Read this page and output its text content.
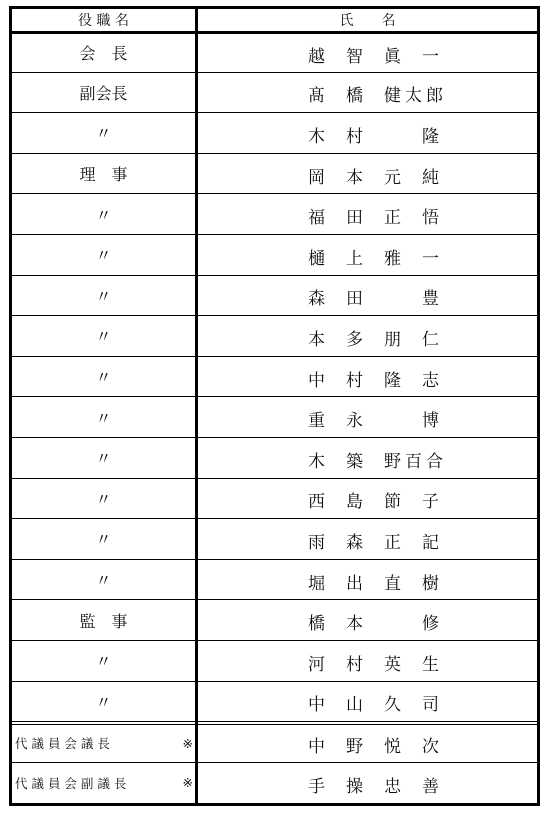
役 職 名	氏　　名
会　長	越 智 眞 一
副会長	髙 橋 健太郎
〃	木 村	隆
理　事	岡 本 元 純
〃	福 田 正 悟
〃	樋 上 雅 一
〃	森 田	豊
〃	本 多 朋 仁
〃	中 村 隆 志
〃	重 永	博
〃	木 築 野百合
〃	西 島 節 子
〃	雨 森 正 記
〃	堀 出 直 樹
監　事	橋 本	修
〃	河 村 英 生
〃	中 山 久 司
代 議 員 会 議 長	※	中 野 悦 次
代 議 員 会 副 議 長	※	手 操 忠 善
